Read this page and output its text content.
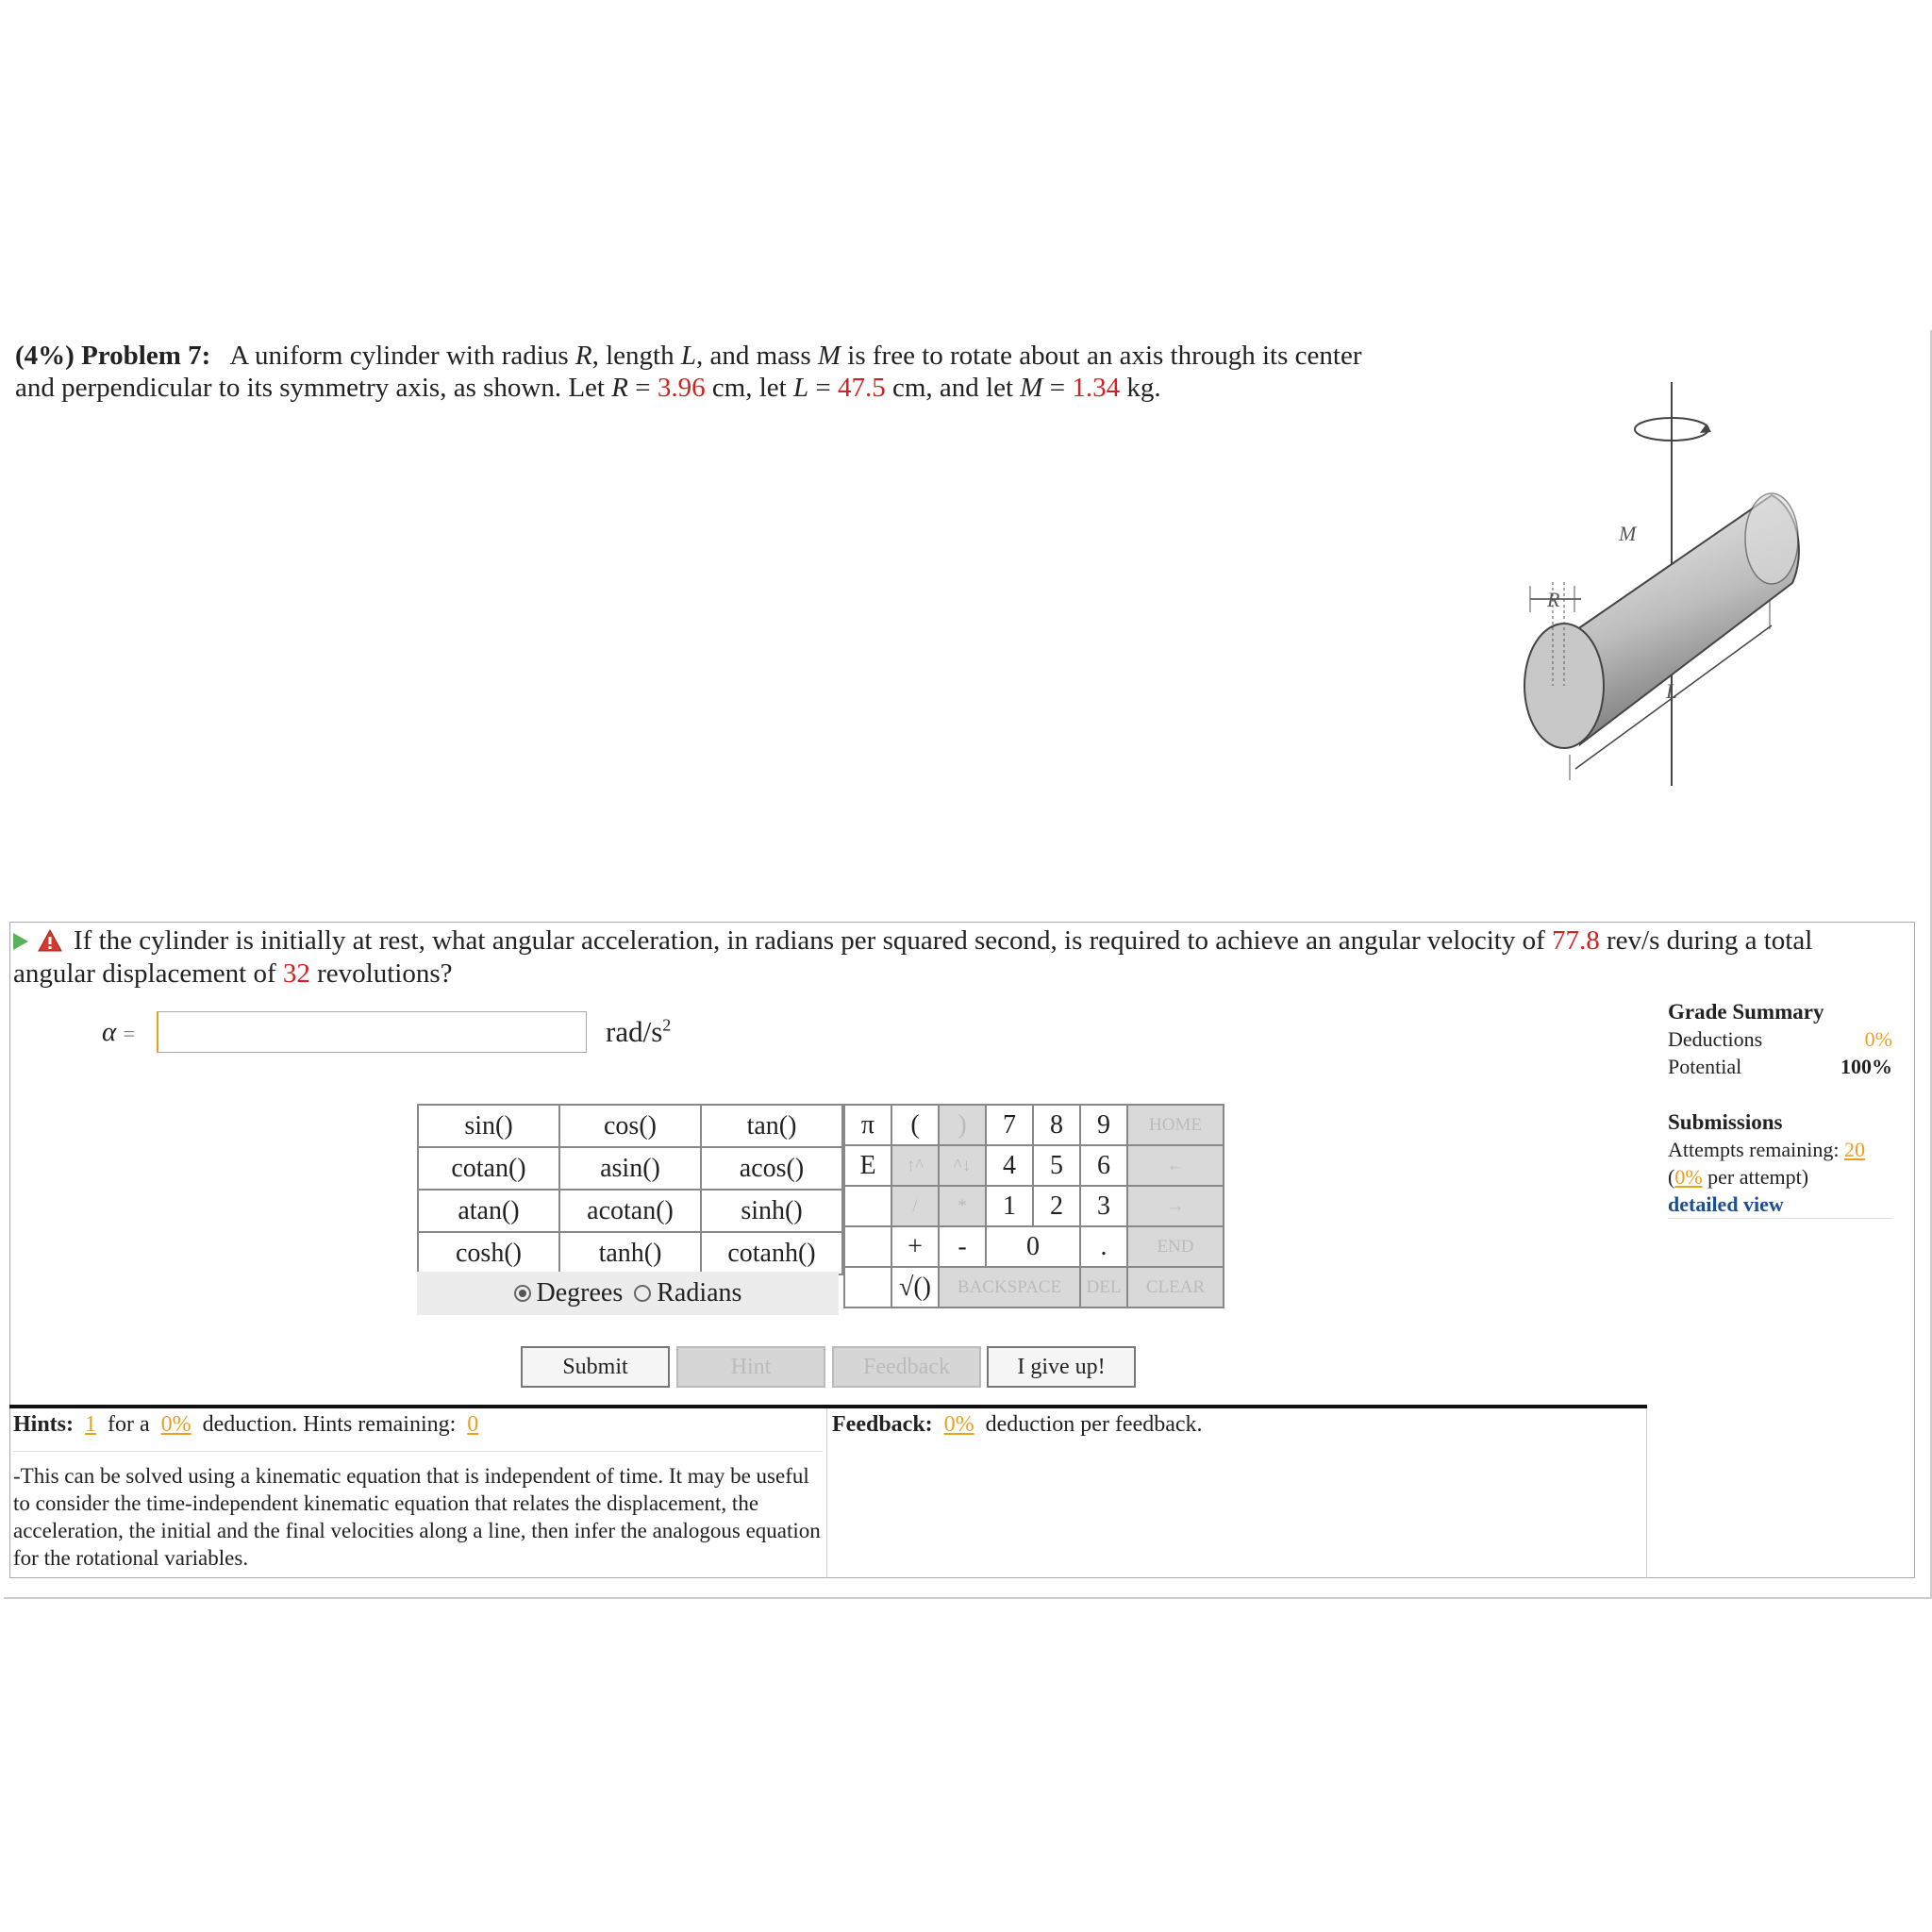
(4%) Problem 7: A uniform cylinder with radius R, length L, and mass M is free to rotate about an axis through its center and perpendicular to its symmetry axis, as shown. Let R = 3.96 cm, let L = 47.5 cm, and let M = 1.34 kg.
R
L
M
If the cylinder is initially at rest, what angular acceleration, in radians per squared second, is required to achieve an angular velocity of 77.8 rev/s during a total angular displacement of 32 revolutions?
α =	rad/$s^2$
sin()	cos()	tan()
cotan()	asin()	acos()
atan()	acotan()	sinh()
cosh()	tanh()	cotanh()
Degrees	Radians
π	(	)	7	8	9	HOME
E	↑^	^↓	4	5	6	←
	/	*	1	2	3	→
	+	-	0		.	END
	√()	BACKSPACE			DEL	CLEAR
Submit	Hint	Feedback	I give up!
Hints: 1 for a 0% deduction. Hints remaining: 0	Feedback: 0% deduction per feedback.
-This can be solved using a kinematic equation that is independent of time. It may be useful to consider the time-independent kinematic equation that relates the displacement, the acceleration, the initial and the final velocities along a line, then infer the analogous equation for the rotational variables.
Grade Summary
Deductions	0%
Potential	100%
Submissions
Attempts remaining: 20
(0% per attempt)
detailed view
